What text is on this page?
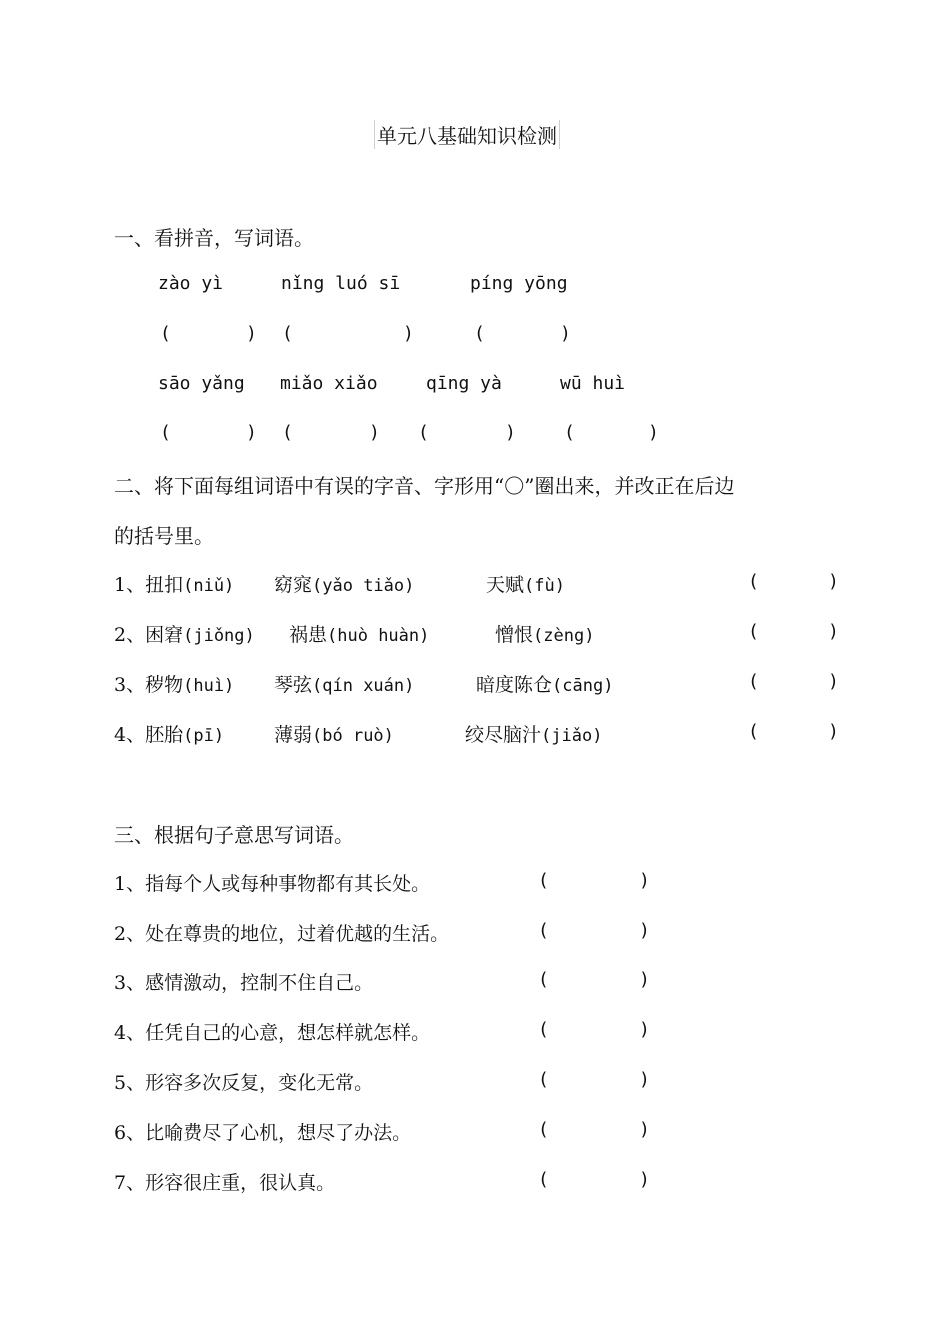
单元八基础知识检测
一、看拼音，写词语。
zào yì	nǐng luó sī	píng yōng
(	) (	)	(	)
sāo yǎng miǎo xiǎo	qīng yà	wū huì
(	) (	) (	)	(	)
二、将下面每组词语中有误的字音、字形用“〇”圈出来，并改正在后边
的括号里。
1、扭扣(niǔ) 窈窕(yǎo tiǎo)	天赋(fù)	(	)
2、困窘(jiǒng) 祸患(huò huàn)	憎恨(zèng)	(	)
3、秽物(huì) 琴弦(qín xuán)	暗度陈仓(cāng)	(	)
4、胚胎(pī)	薄弱(bó ruò)	绞尽脑汁(jiǎo)	(	)
三、根据句子意思写词语。
1、指每个人或每种事物都有其长处。	(	)
2、处在尊贵的地位，过着优越的生活。	(	)
3、感情激动，控制不住自己。	(	)
4、任凭自己的心意，想怎样就怎样。	(	)
5、形容多次反复，变化无常。	(	)
6、比喻费尽了心机，想尽了办法。	(	)
7、形容很庄重，很认真。	(	)
